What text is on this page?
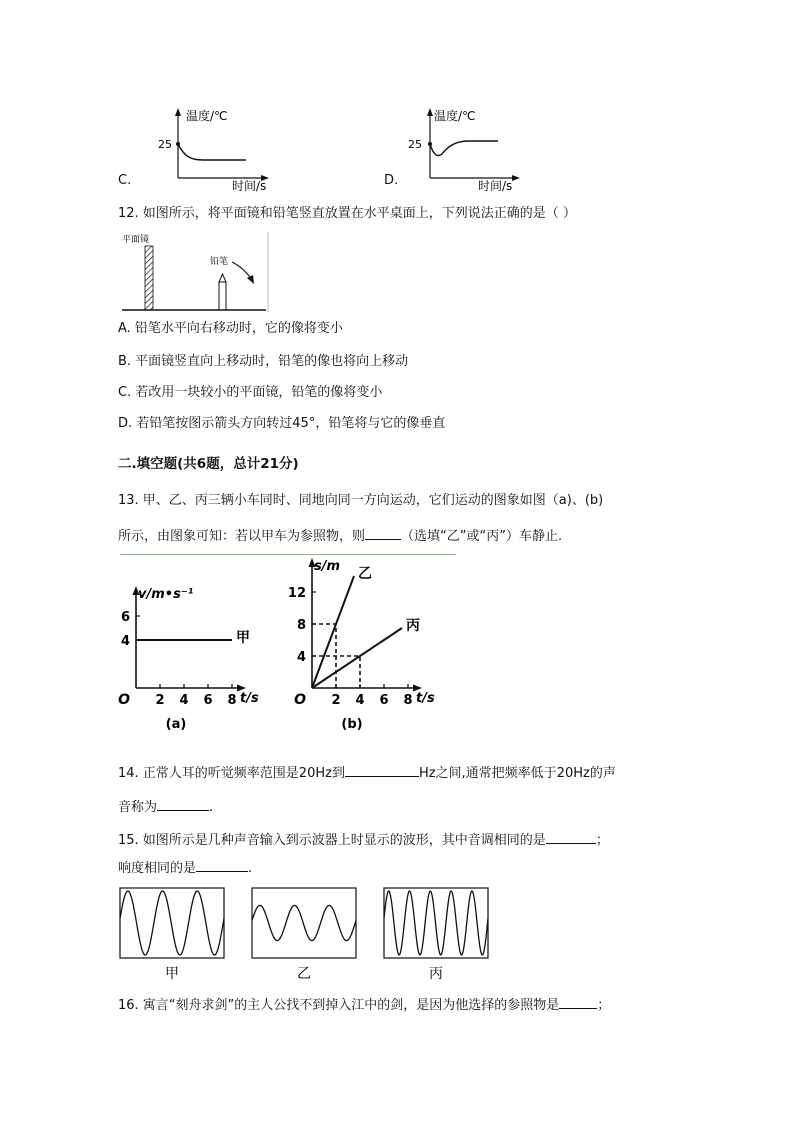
C.
温度/℃
25
时间/s	D.
温度/℃
25
时间/s
12. 如图所示，将平面镜和铅笔竖直放置在水平桌面上，下列说法正确的是（ ）
平面镜
铅笔
A. 铅笔水平向右移动时，它的像将变小
B. 平面镜竖直向上移动时，铅笔的像也将向上移动
C. 若改用一块较小的平面镜，铅笔的像将变小
D. 若铅笔按图示箭头方向转过45°，铅笔将与它的像垂直
二.填空题(共6题，总计21分)
13. 甲、乙、丙三辆小车同时、同地向同一方向运动，它们运动的图象如图（a)、(b)
所示，由图象可知：若以甲车为参照物，则	（选填“乙”或“丙”）车静止.
v/m•s⁻¹
t/s
O 2 4 6 8
4
6
甲
(a)
s/m
t/s
O 2 4 6 8
4
8
12
乙
丙
(b)
14. 正常人耳的听觉频率范围是20Hz到	Hz之间,通常把频率低于20Hz的声
音称为	.
15. 如图所示是几种声音输入到示波器上时显示的波形，其中音调相同的是	；
响度相同的是	.
甲	乙	丙
16. 寓言“刻舟求剑”的主人公找不到掉入江中的剑，是因为他选择的参照物是	；
